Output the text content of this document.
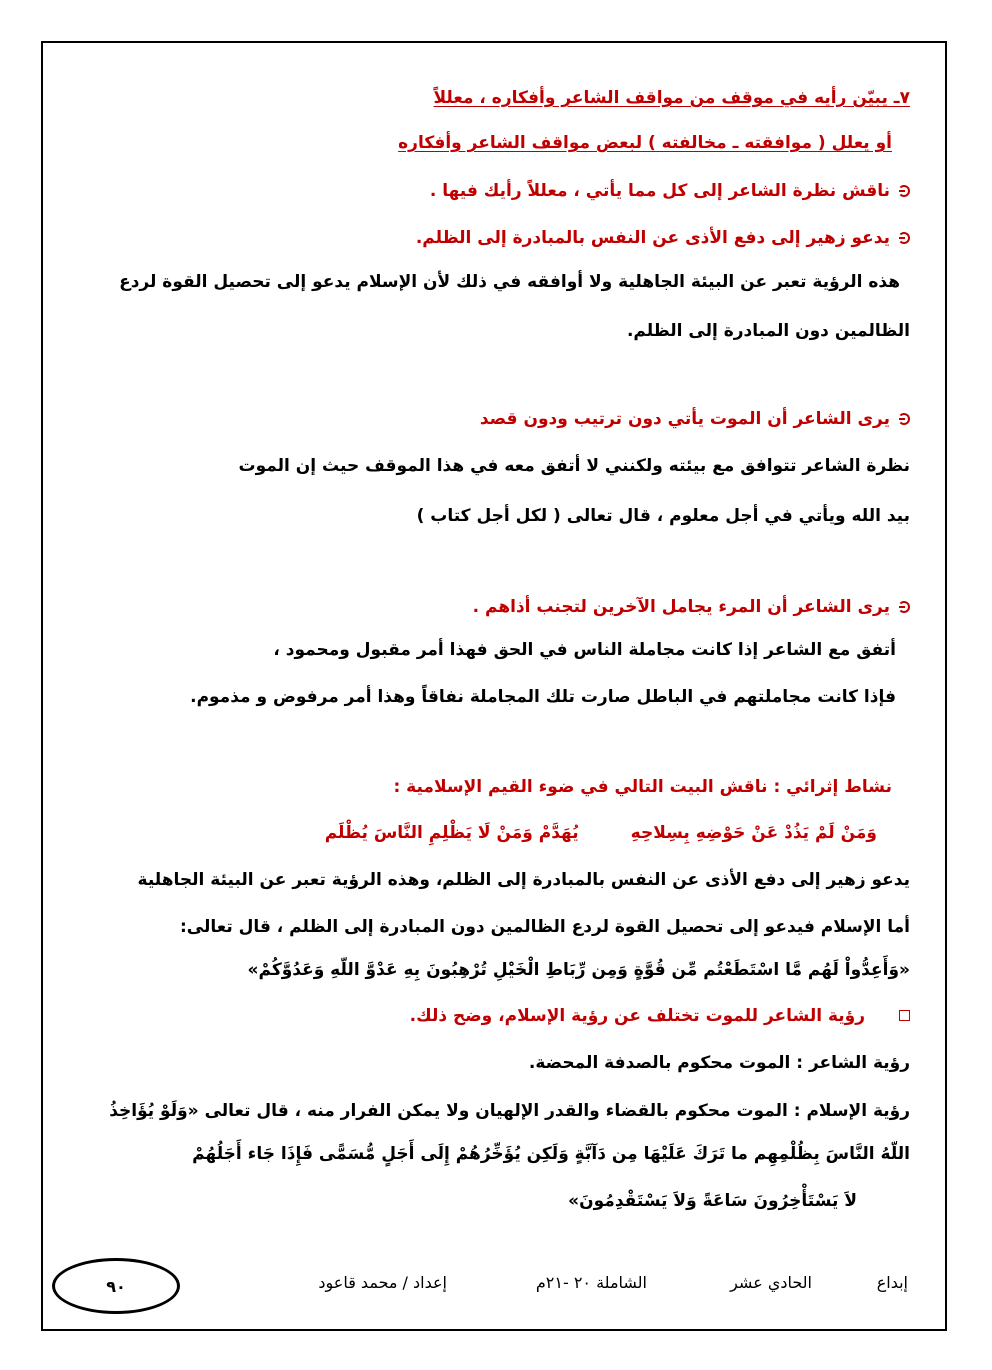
٧ـ يبيّن رأيه في موقف من مواقف الشاعر وأفكاره ، معللاً
أو يعلل ( موافقته ـ مخالفته ) لبعض مواقف الشاعر وأفكاره
ناقش نظرة الشاعر إلى كل مما يأتي ، معللاً رأيك فيها .
يدعو زهير إلى دفع الأذى عن النفس بالمبادرة إلى الظلم.
هذه الرؤية تعبر عن البيئة الجاهلية ولا أوافقه في ذلك لأن الإسلام يدعو إلى تحصيل القوة لردع
الظالمين دون المبادرة إلى الظلم.
يرى الشاعر أن الموت يأتي دون ترتيب ودون قصد
نظرة الشاعر تتوافق مع بيئته ولكنني لا أتفق معه في هذا الموقف حيث إن الموت
بيد الله ويأتي في أجل معلوم ، قال تعالى ( لكل أجل كتاب )
يرى الشاعر أن المرء يجامل الآخرين لتجنب أذاهم .
أتفق مع الشاعر إذا كانت مجاملة الناس في الحق فهذا أمر مقبول ومحمود ،
فإذا كانت مجاملتهم في الباطل صارت تلك المجاملة نفاقاً وهذا أمر مرفوض و مذموم.
نشاط إثرائي : ناقش البيت التالي في ضوء القيم الإسلامية :
وَمَنْ لَمْ يَذُدْ عَنْ حَوْضِهِ بِسِلاحِهِيُهَدَّمْ وَمَنْ لَا يَظْلِمِ النَّاسَ يُظْلَم
يدعو زهير إلى دفع الأذى عن النفس بالمبادرة إلى الظلم، وهذه الرؤية تعبر عن البيئة الجاهلية
أما الإسلام فيدعو إلى تحصيل القوة لردع الظالمين دون المبادرة إلى الظلم ، قال تعالى:
«وَأَعِدُّواْ لَهُم مَّا اسْتَطَعْتُم مِّن قُوَّةٍ وَمِن رِّبَاطِ الْخَيْلِ تُرْهِبُونَ بِهِ عَدْوَّ اللّهِ وَعَدُوَّكُمْ»
رؤية الشاعر للموت تختلف عن رؤية الإسلام، وضح ذلك.
رؤية الشاعر : الموت محكوم بالصدفة المحضة.
رؤية الإسلام : الموت محكوم بالقضاء والقدر الإلهيان ولا يمكن الفرار منه ، قال تعالى «وَلَوْ يُؤَاخِذُ
اللّهُ النَّاسَ بِظُلْمِهِم ما تَرَكَ عَلَيْهَا مِن دَآبَّةٍ وَلَكِن يُؤَخِّرُهُمْ إِلَى أَجَلٍ مُّسَمًّى فَإِذَا جَاء أَجَلُهُمْ
لاَ يَسْتَأْخِرُونَ سَاعَةً وَلاَ يَسْتَقْدِمُونَ»
إبداع
الحادي عشر
الشاملة ٢٠ -٢١م
إعداد / محمد قاعود
٩٠
